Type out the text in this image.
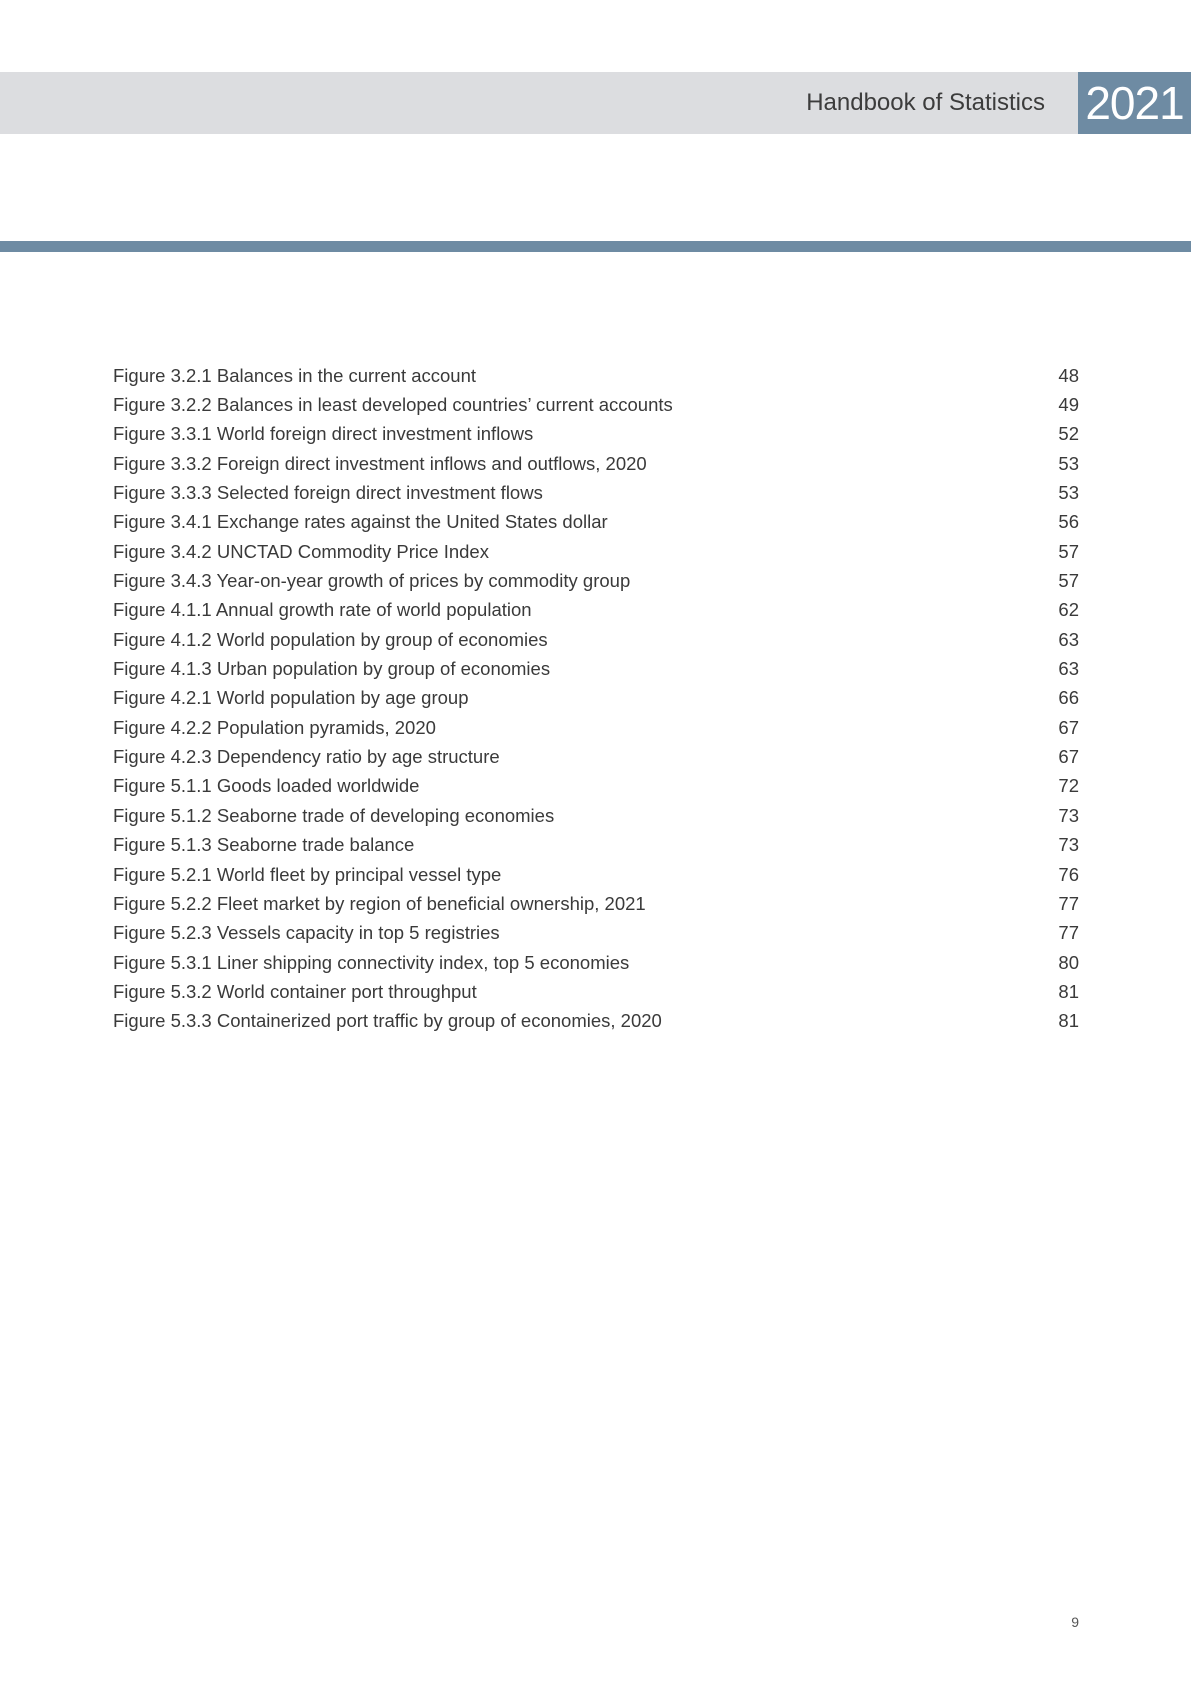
Handbook of Statistics 2021
Figure 3.2.1 Balances in the current account	48
Figure 3.2.2 Balances in least developed countries’ current accounts	49
Figure 3.3.1 World foreign direct investment inflows	52
Figure 3.3.2 Foreign direct investment inflows and outflows, 2020	53
Figure 3.3.3 Selected foreign direct investment flows	53
Figure 3.4.1 Exchange rates against the United States dollar	56
Figure 3.4.2 UNCTAD Commodity Price Index	57
Figure 3.4.3 Year-on-year growth of prices by commodity group	57
Figure 4.1.1 Annual growth rate of world population	62
Figure 4.1.2 World population by group of economies	63
Figure 4.1.3 Urban population by group of economies	63
Figure 4.2.1 World population by age group	66
Figure 4.2.2 Population pyramids, 2020	67
Figure 4.2.3 Dependency ratio by age structure	67
Figure 5.1.1 Goods loaded worldwide	72
Figure 5.1.2 Seaborne trade of developing economies	73
Figure 5.1.3 Seaborne trade balance	73
Figure 5.2.1 World fleet by principal vessel type	76
Figure 5.2.2 Fleet market by region of beneficial ownership, 2021	77
Figure 5.2.3 Vessels capacity in top 5 registries	77
Figure 5.3.1 Liner shipping connectivity index, top 5 economies	80
Figure 5.3.2 World container port throughput	81
Figure 5.3.3 Containerized port traffic by group of economies, 2020	81
9
